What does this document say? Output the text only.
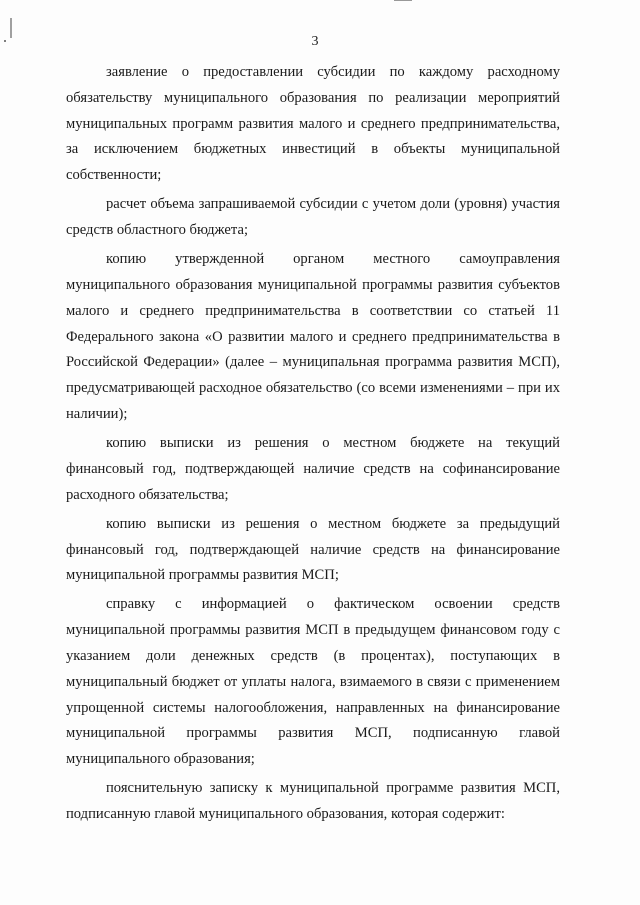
3

заявление о предоставлении субсидии по каждому расходному обязательству муниципального образования по реализации мероприятий муниципальных программ развития малого и среднего предпринимательства, за исключением бюджетных инвестиций в объекты муниципальной собственности;

расчет объема запрашиваемой субсидии с учетом доли (уровня) участия средств областного бюджета;

копию утвержденной органом местного самоуправления муниципального образования муниципальной программы развития субъектов малого и среднего предпринимательства в соответствии со статьей 11 Федерального закона «О развитии малого и среднего предпринимательства в Российской Федерации» (далее – муниципальная программа развития МСП), предусматривающей расходное обязательство (со всеми изменениями – при их наличии);

копию выписки из решения о местном бюджете на текущий финансовый год, подтверждающей наличие средств на софинансирование расходного обязательства;

копию выписки из решения о местном бюджете за предыдущий финансовый год, подтверждающей наличие средств на финансирование муниципальной программы развития МСП;

справку с информацией о фактическом освоении средств муниципальной программы развития МСП в предыдущем финансовом году с указанием доли денежных средств (в процентах), поступающих в муниципальный бюджет от уплаты налога, взимаемого в связи с применением упрощенной системы налогообложения, направленных на финансирование муниципальной программы развития МСП, подписанную главой муниципального образования;

пояснительную записку к муниципальной программе развития МСП, подписанную главой муниципального образования, которая содержит:
